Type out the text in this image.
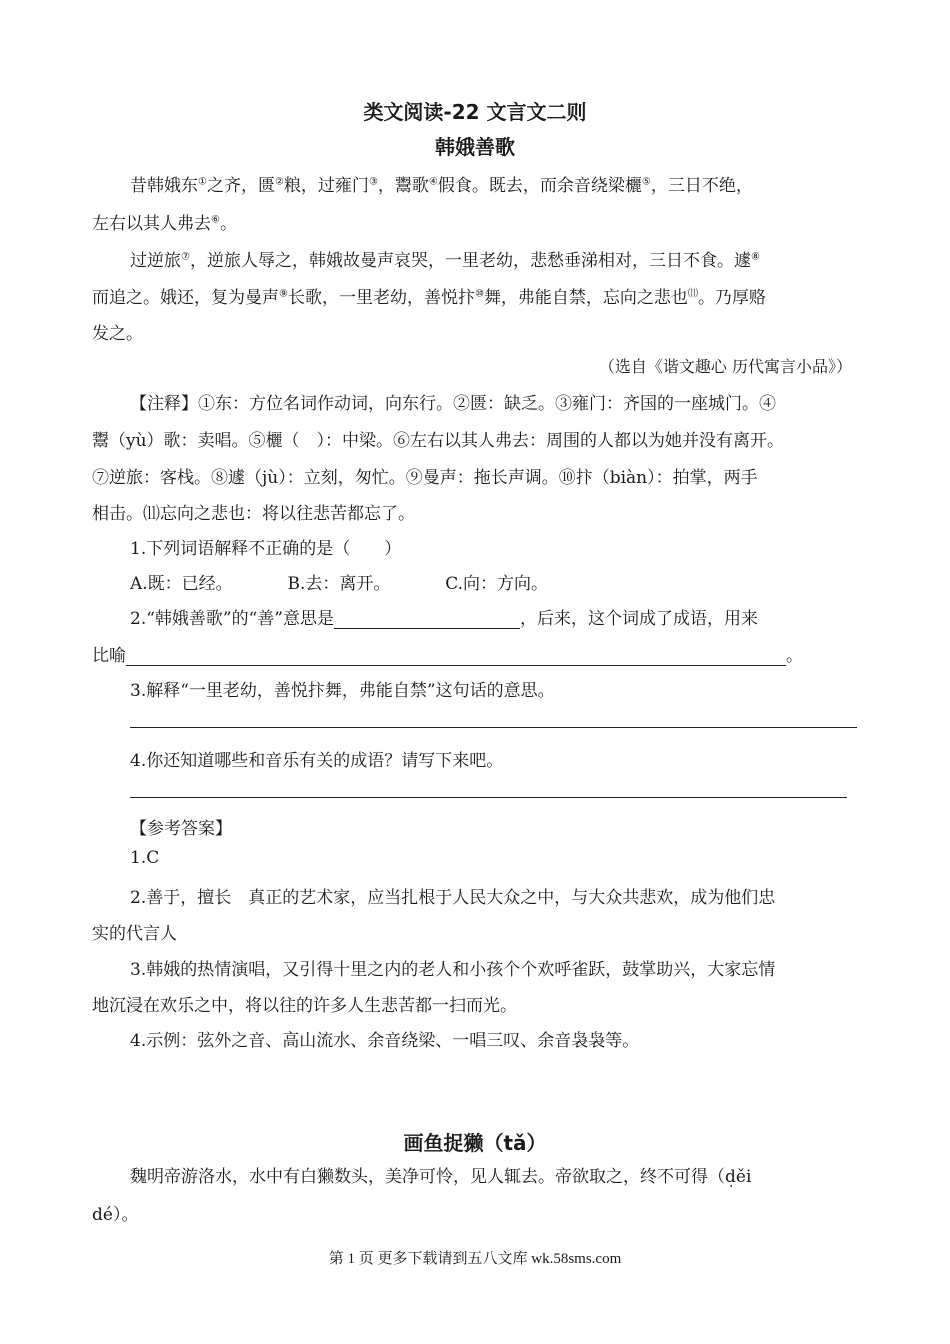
类文阅读-22 文言文二则
韩娥善歌
昔韩娥东①之齐，匮②粮，过雍门③，鬻歌④假食。既去，而余音绕梁欐⑤，三日不绝，
左右以其人弗去⑥。
过逆旅⑦，逆旅人辱之，韩娥故曼声哀哭，一里老幼，悲愁垂涕相对，三日不食。遽⑧
而追之。娥还，复为曼声⑨长歌，一里老幼，善悦抃⑩舞，弗能自禁，忘向之悲也⑾。乃厚赂
发之。
（选自《谐文趣心 历代寓言小品》）
【注释】①东：方位名词作动词，向东行。②匮：缺乏。③雍门：齐国的一座城门。④
鬻（yù）歌：卖唱。⑤欐（　）：中梁。⑥左右以其人弗去：周围的人都以为她并没有离开。
⑦逆旅：客栈。⑧遽（jù）：立刻，匆忙。⑨曼声：拖长声调。⑩抃（biàn）：拍掌，两手
相击。⑾忘向之悲也：将以往悲苦都忘了。
1.下列词语解释不正确的是（　　）
A.既：已经。	B.去：离开。	C.向：方向。
2.“韩娥善歌”的“善”意思是	，后来，这个词成了成语，用来
比喻	。
3.解释“一里老幼，善悦抃舞，弗能自禁”这句话的意思。
4.你还知道哪些和音乐有关的成语？请写下来吧。
【参考答案】
1.C
2.善于，擅长　真正的艺术家，应当扎根于人民大众之中，与大众共悲欢，成为他们忠
实的代言人
3.韩娥的热情演唱，又引得十里之内的老人和小孩个个欢呼雀跃，鼓掌助兴，大家忘情
地沉浸在欢乐之中，将以往的许多人生悲苦都一扫而光。
4.示例：弦外之音、高山流水、余音绕梁、一唱三叹、余音袅袅等。
画鱼捉獭（tǎ）
魏明帝游洛水，水中有白獭数头，美净可怜，见人辄去。帝欲取之，终不可得（dě ·i
dé）。
第 1 页 更多下载请到五八文库 wk.58sms.com
